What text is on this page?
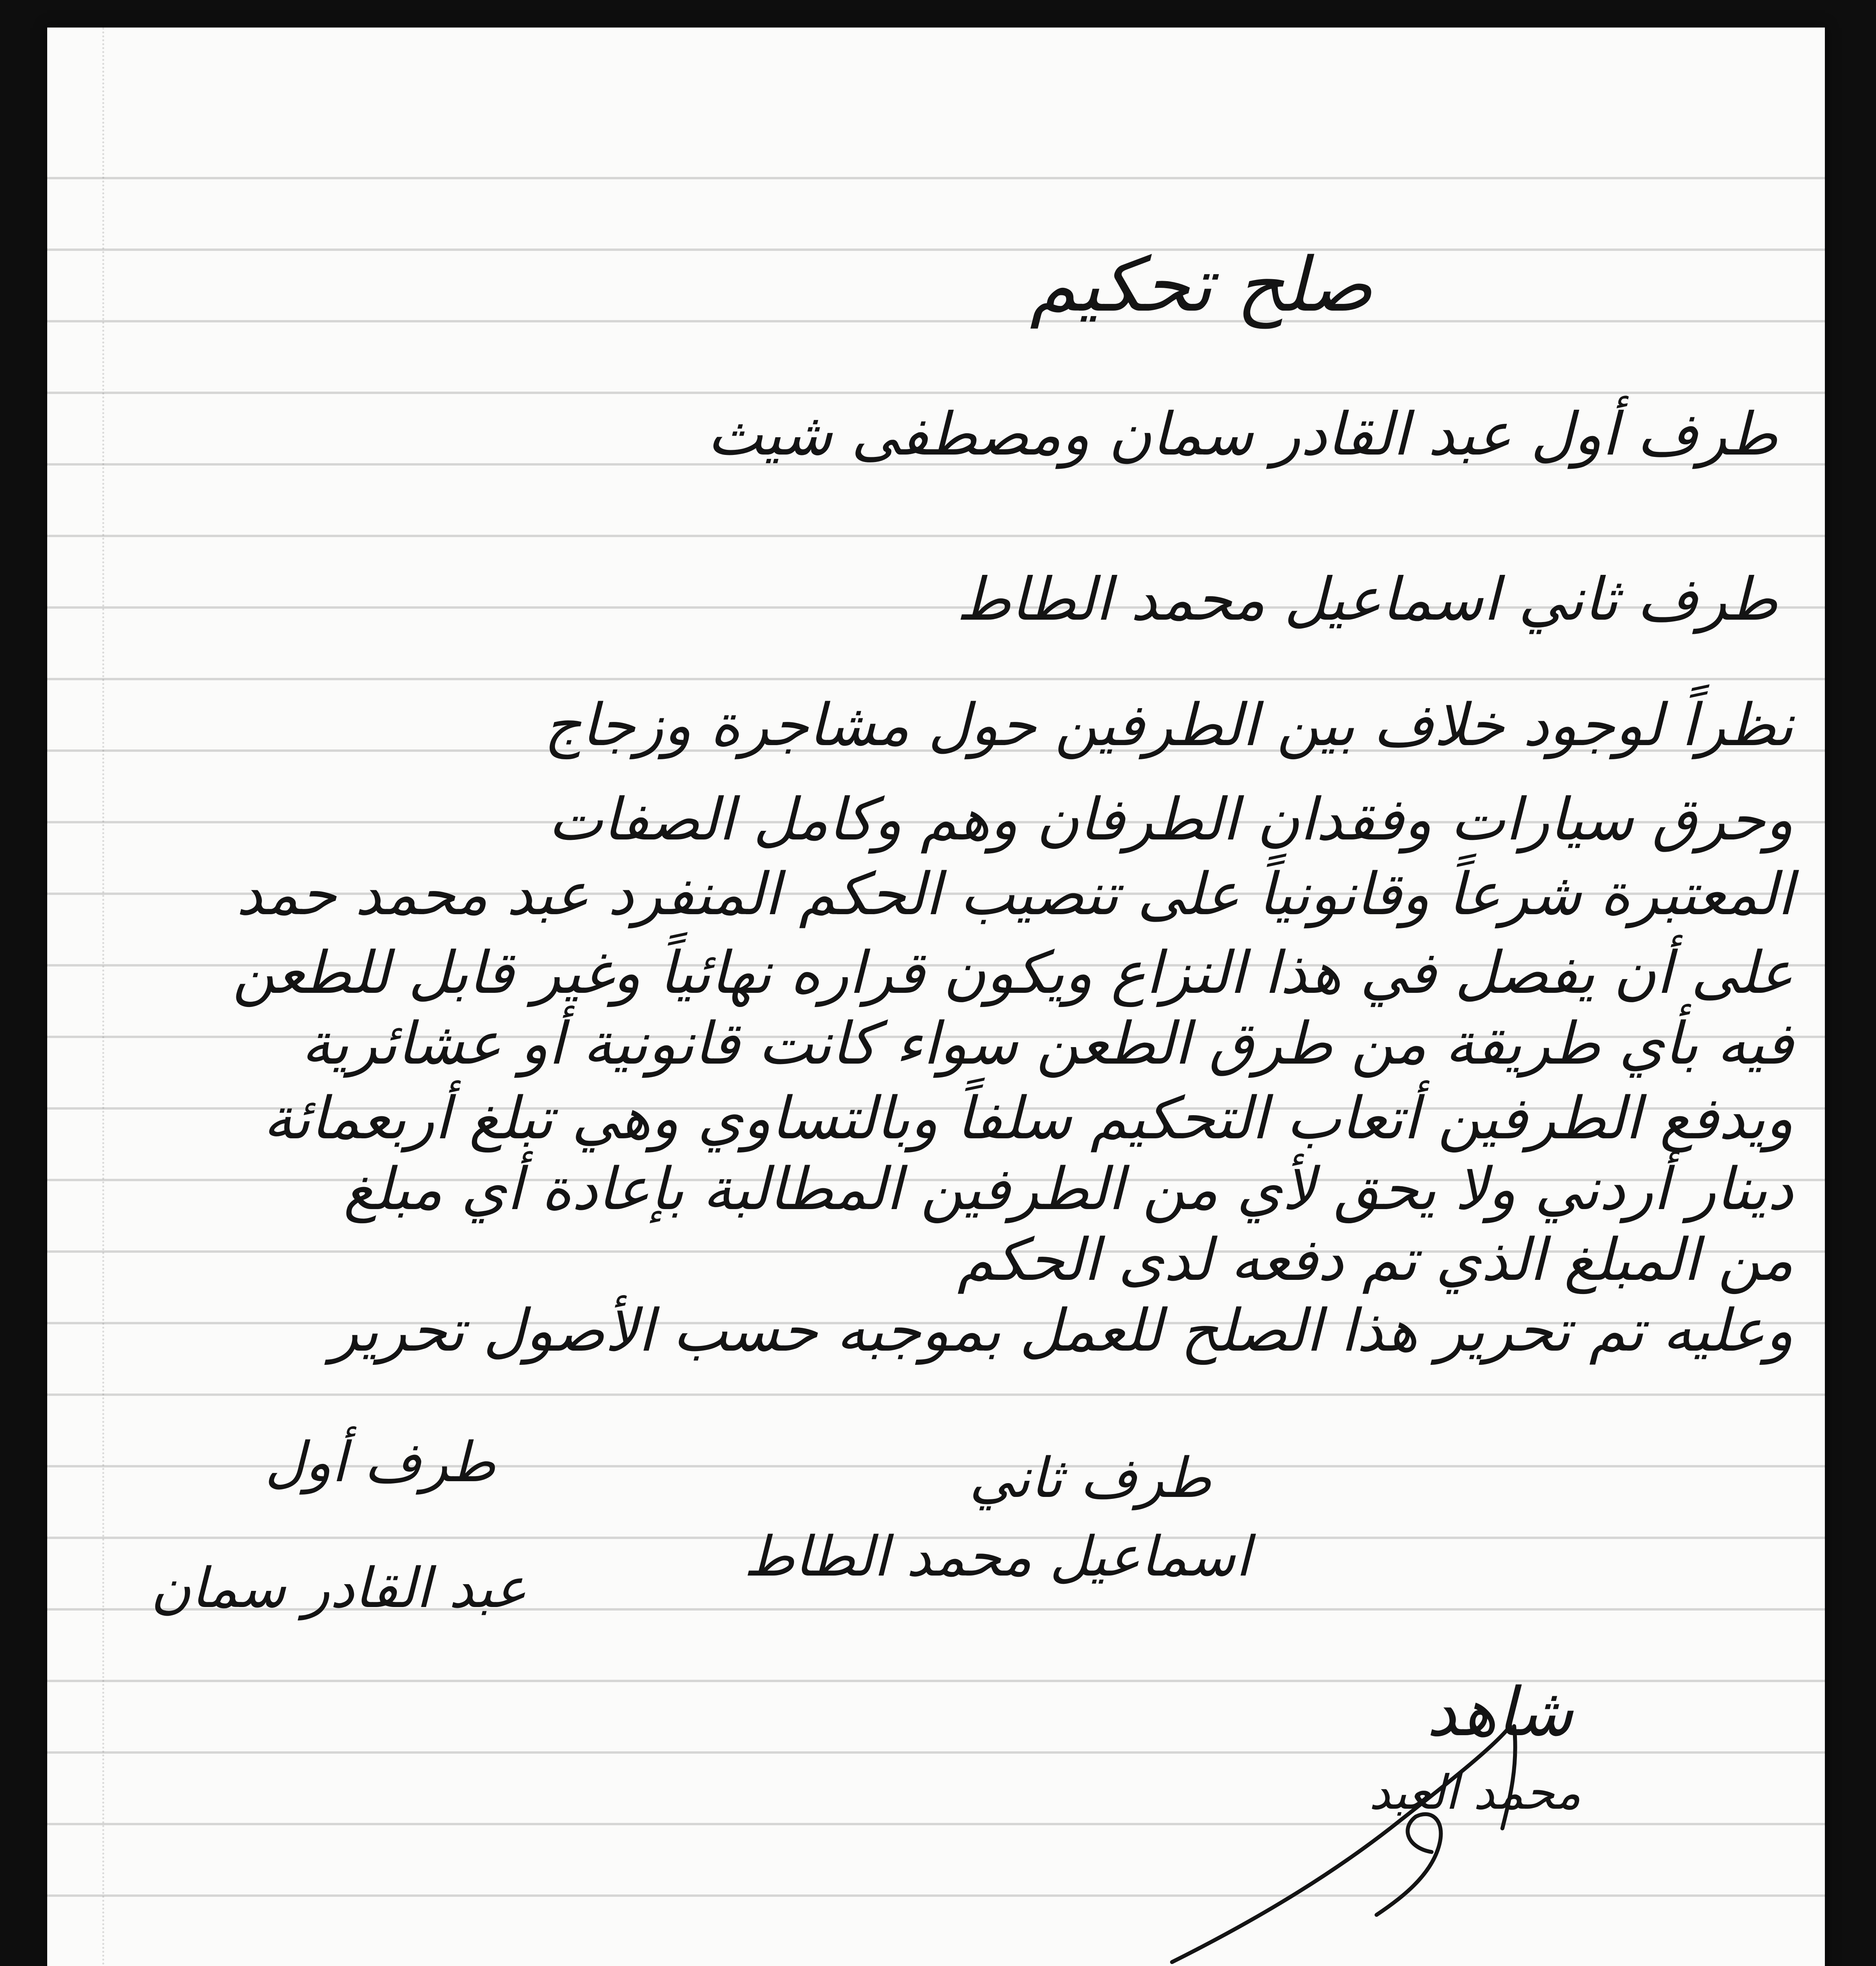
صلح تحكيم
طرف أول عبد القادر سمان ومصطفى شيث
طرف ثاني اسماعيل محمد الطاط
نظراً لوجود خلاف بين الطرفين حول مشاجرة وزجاج
وحرق سيارات وفقدان الطرفان وهم وكامل الصفات
المعتبرة شرعاً وقانونياً على تنصيب الحكم المنفرد عبد محمد حمد
على أن يفصل في هذا النزاع ويكون قراره نهائياً وغير قابل للطعن
فيه بأي طريقة من طرق الطعن سواء كانت قانونية أو عشائرية
ويدفع الطرفين أتعاب التحكيم سلفاً وبالتساوي وهي تبلغ أربعمائة
دينار أردني ولا يحق لأي من الطرفين المطالبة بإعادة أي مبلغ
من المبلغ الذي تم دفعه لدى الحكم
وعليه تم تحرير هذا الصلح للعمل بموجبه حسب الأصول تحرير
طرف أول
عبد القادر سمان
طرف ثاني
اسماعيل محمد الطاط
شاهد
محمد العبد
